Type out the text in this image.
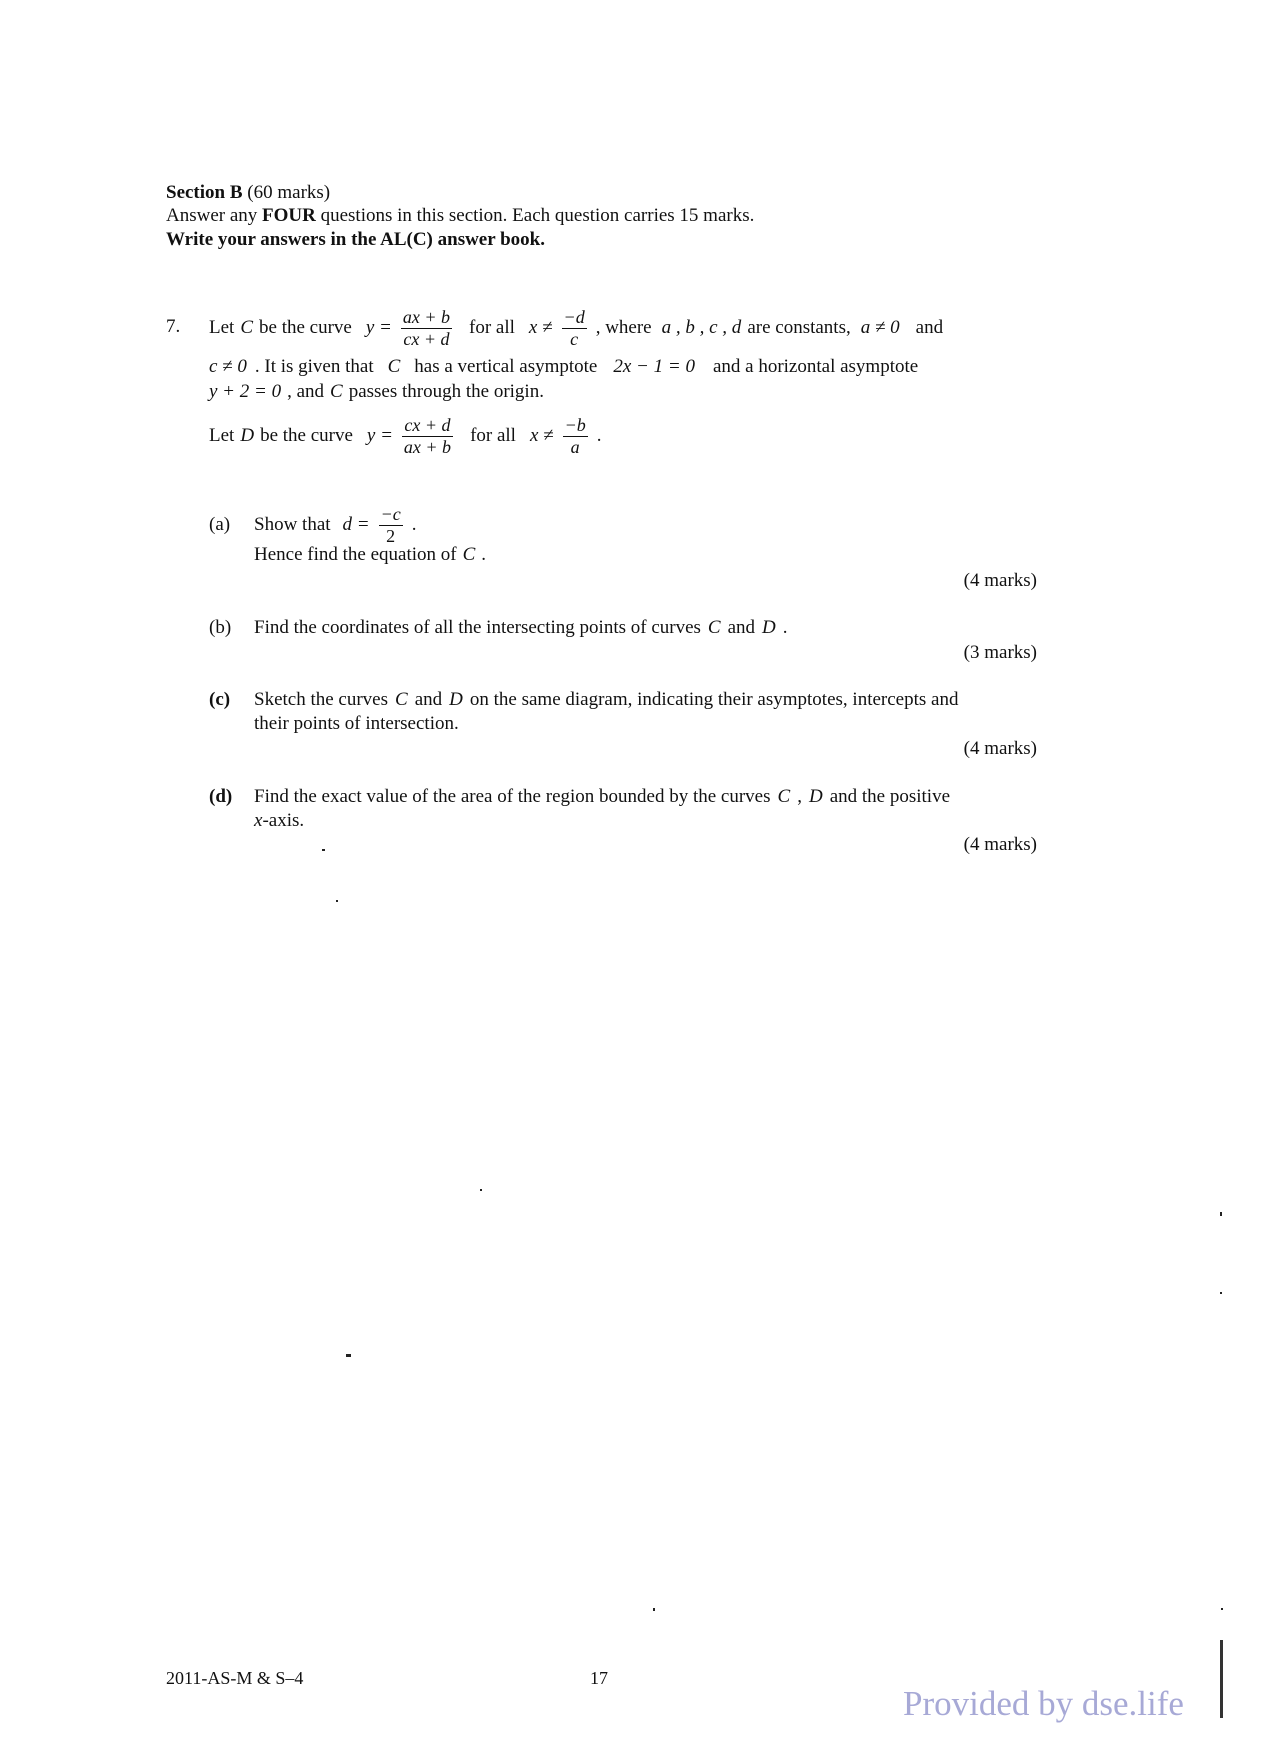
Section B (60 marks)
Answer any FOUR questions in this section. Each question carries 15 marks.
Write your answers in the AL(C) answer book.
7. Let C be the curve $y = \frac{ax + b}{cx + d}$ for all $x \ne \frac{-d}{c}$ , where a , b , c , d are constants, a ≠ 0 and
c ≠ 0 . It is given that C has a vertical asymptote 2x − 1 = 0 and a horizontal asymptote
y + 2 = 0 , and C passes through the origin.
Let D be the curve $y = \frac{cx + d}{ax + b}$ for all $x \ne \frac{-b}{a}$ .
(a) Show that $d = \frac{-c}{2}$ .
Hence find the equation of C .
(4 marks)
(b) Find the coordinates of all the intersecting points of curves C and D .
(3 marks)
(c) Sketch the curves C and D on the same diagram, indicating their asymptotes, intercepts and
their points of intersection.
(4 marks)
(d) Find the exact value of the area of the region bounded by the curves C , D and the positive
x-axis.
(4 marks)
2011-AS-M & S–4	17
Provided by dse.life
